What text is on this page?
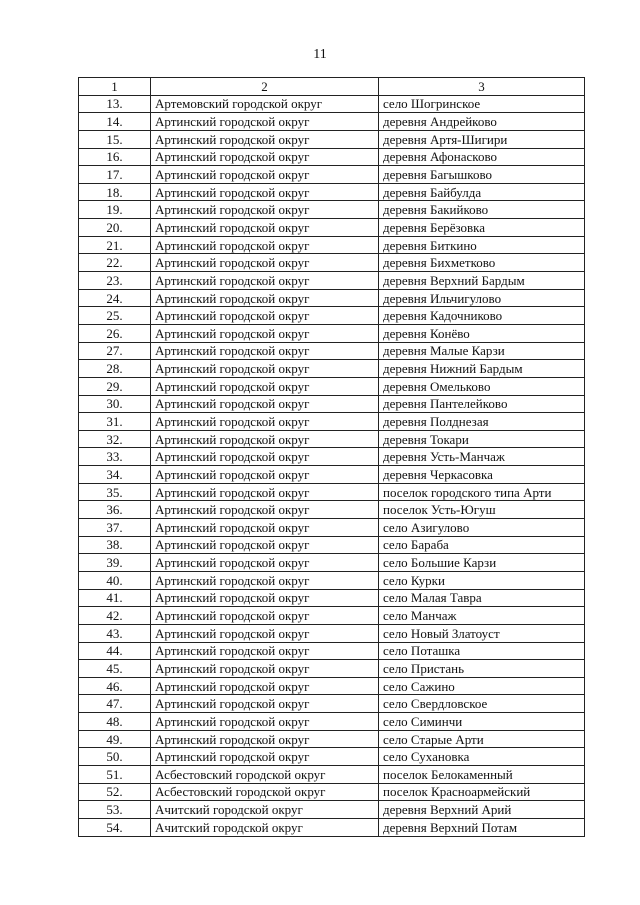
11
1	2	3
13.	Артемовский городской округ	село Шогринское
14.	Артинский городской округ	деревня Андрейково
15.	Артинский городской округ	деревня Артя-Шигири
16.	Артинский городской округ	деревня Афонасково
17.	Артинский городской округ	деревня Багышково
18.	Артинский городской округ	деревня Байбулда
19.	Артинский городской округ	деревня Бакийково
20.	Артинский городской округ	деревня Берёзовка
21.	Артинский городской округ	деревня Биткино
22.	Артинский городской округ	деревня Бихметково
23.	Артинский городской округ	деревня Верхний Бардым
24.	Артинский городской округ	деревня Ильчигулово
25.	Артинский городской округ	деревня Кадочниково
26.	Артинский городской округ	деревня Конёво
27.	Артинский городской округ	деревня Малые Карзи
28.	Артинский городской округ	деревня Нижний Бардым
29.	Артинский городской округ	деревня Омельково
30.	Артинский городской округ	деревня Пантелейково
31.	Артинский городской округ	деревня Полднезая
32.	Артинский городской округ	деревня Токари
33.	Артинский городской округ	деревня Усть-Манчаж
34.	Артинский городской округ	деревня Черкасовка
35.	Артинский городской округ	поселок городского типа Арти
36.	Артинский городской округ	поселок Усть-Югуш
37.	Артинский городской округ	село Азигулово
38.	Артинский городской округ	село Бараба
39.	Артинский городской округ	село Большие Карзи
40.	Артинский городской округ	село Курки
41.	Артинский городской округ	село Малая Тавра
42.	Артинский городской округ	село Манчаж
43.	Артинский городской округ	село Новый Златоуст
44.	Артинский городской округ	село Поташка
45.	Артинский городской округ	село Пристань
46.	Артинский городской округ	село Сажино
47.	Артинский городской округ	село Свердловское
48.	Артинский городской округ	село Симинчи
49.	Артинский городской округ	село Старые Арти
50.	Артинский городской округ	село Сухановка
51.	Асбестовский городской округ	поселок Белокаменный
52.	Асбестовский городской округ	поселок Красноармейский
53.	Ачитский городской округ	деревня Верхний Арий
54.	Ачитский городской округ	деревня Верхний Потам
